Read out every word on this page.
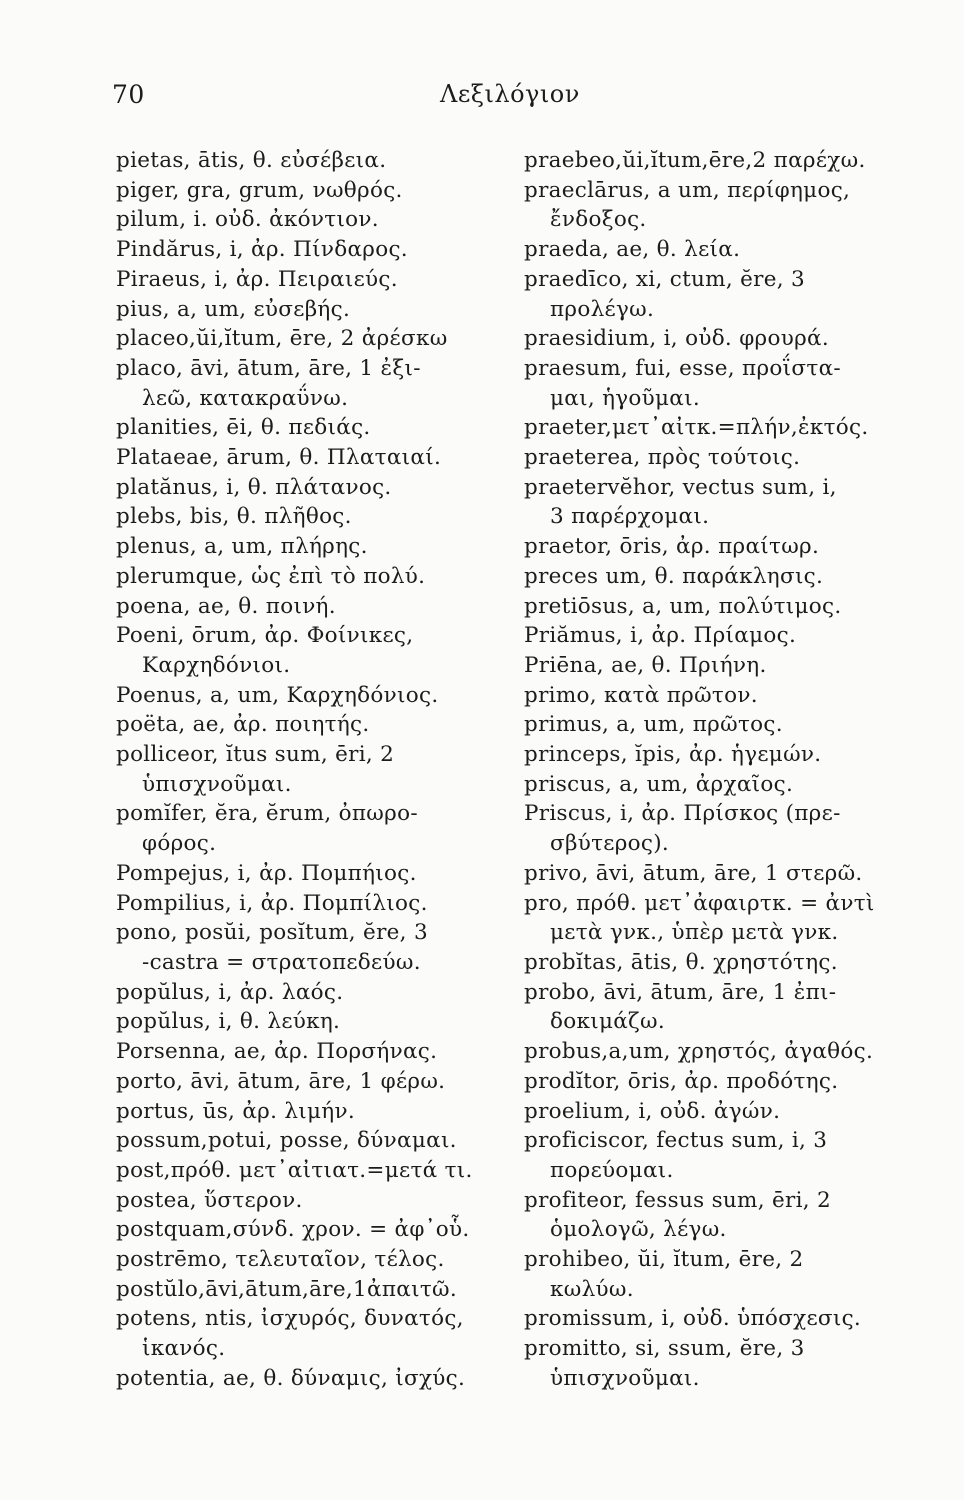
70	Λεξιλόγιον
pietas, ātis, θ. εὐσέβεια.
piger, gra, grum, νωθρός.
pilum, i. οὐδ. ἀκόντιον.
Pindărus, i, ἀρ. Πίνδαρος.
Piraeus, i, ἀρ. Πειραιεύς.
pius, a, um, εὐσεβής.
placeo,ŭi,ĭtum, ēre, 2 ἀρέσκω
placo, āvi, ātum, āre, 1 ἐξι-
λεῶ, κατακραΰνω.
planities, ēi, θ. πεδιάς.
Plataeae, ārum, θ. Πλαταιαί.
platănus, i, θ. πλάτανος.
plebs, bis, θ. πλῆθος.
plenus, a, um, πλήρης.
plerumque, ὡς ἐπὶ τὸ πολύ.
poena, ae, θ. ποινή.
Poeni, ōrum, ἀρ. Φοίνικες,
Καρχηδόνιοι.
Poenus, a, um, Καρχηδόνιος.
poëta, ae, ἀρ. ποιητής.
polliceor, ĭtus sum, ēri, 2
ὑπισχνοῦμαι.
pomĭfer, ĕra, ĕrum, ὀπωρο-
φόρος.
Pompejus, i, ἀρ. Πομπήιος.
Pompilius, i, ἀρ. Πομπίλιος.
pono, posŭi, posĭtum, ĕre, 3
-castra = στρατοπεδεύω.
popŭlus, i, ἀρ. λαός.
popŭlus, i, θ. λεύκη.
Porsenna, ae, ἀρ. Πορσήνας.
porto, āvi, ātum, āre, 1 φέρω.
portus, ūs, ἀρ. λιμήν.
possum,potui, posse, δύναμαι.
post,πρόθ. μετ᾽αἰτιατ.=μετά τι.
postea, ὕστερον.
postquam,σύνδ. χρον. = ἀφ᾽οὗ.
postrēmo, τελευταῖον, τέλος.
postŭlo,āvi,ātum,āre,1ἀπαιτῶ.
potens, ntis, ἰσχυρός, δυνατός,
ἱκανός.
potentia, ae, θ. δύναμις, ἰσχύς.
praebeo,ŭi,ĭtum,ēre,2 παρέχω.
praeclārus, a um, περίφημος,
ἔνδοξος.
praeda, ae, θ. λεία.
praedīco, xi, ctum, ĕre, 3
προλέγω.
praesidium, i, οὐδ. φρουρά.
praesum, fui, esse, προΐστα-
μαι, ἡγοῦμαι.
praeter,μετ᾽αἰτκ.=πλήν,ἐκτός.
praeterea, πρὸς τούτοις.
praetervĕhor, vectus sum, i,
3 παρέρχομαι.
praetor, ōris, ἀρ. πραίτωρ.
preces um, θ. παράκλησις.
pretiōsus, a, um, πολύτιμος.
Priămus, i, ἀρ. Πρίαμος.
Priēna, ae, θ. Πριήνη.
primo, κατὰ πρῶτον.
primus, a, um, πρῶτος.
princeps, ĭpis, ἀρ. ἡγεμών.
priscus, a, um, ἀρχαῖος.
Priscus, i, ἀρ. Πρίσκος (πρε-
σβύτερος).
privo, āvi, ātum, āre, 1 στερῶ.
pro, πρόθ. μετ᾽ἀφαιρτκ. = ἀντὶ
μετὰ γνκ., ὑπὲρ μετὰ γνκ.
probĭtas, ātis, θ. χρηστότης.
probo, āvi, ātum, āre, 1 ἐπι-
δοκιμάζω.
probus,a,um, χρηστός, ἀγαθός.
prodĭtor, ōris, ἀρ. προδότης.
proelium, i, οὐδ. ἀγών.
proficiscor, fectus sum, i, 3
πορεύομαι.
profiteor, fessus sum, ēri, 2
ὁμολογῶ, λέγω.
prohibeo, ŭi, ĭtum, ēre, 2
κωλύω.
promissum, i, οὐδ. ὑπόσχεσις.
promitto, si, ssum, ĕre, 3
ὑπισχνοῦμαι.
